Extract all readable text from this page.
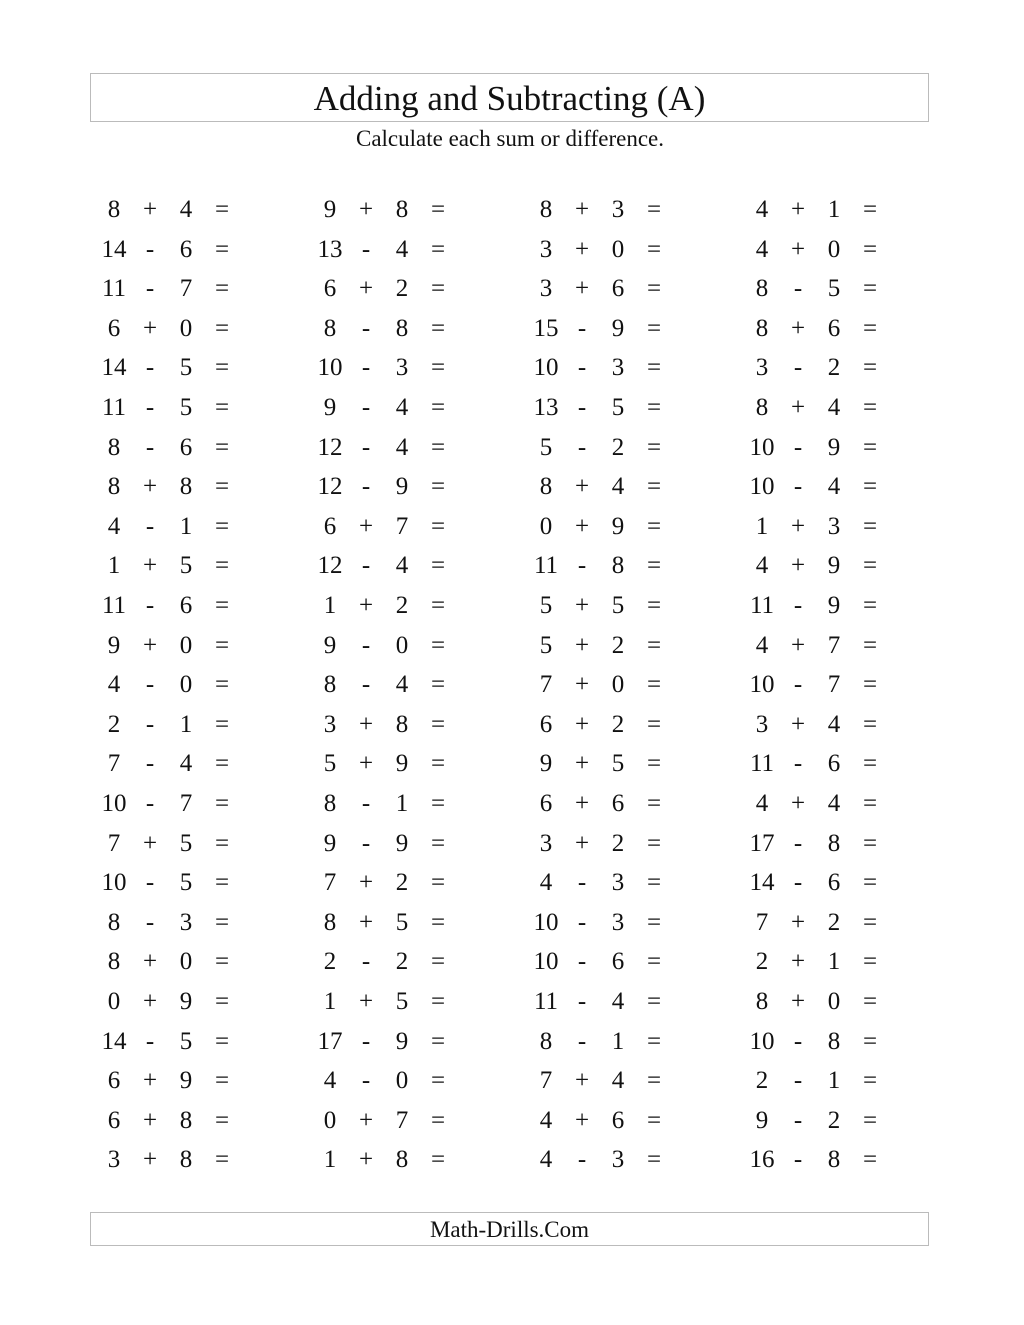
Adding and Subtracting (A)
Calculate each sum or difference.
8 + 4 =
14 -	6 =
11 -	7 =
6 + 0 =
14 -	5 =
11 -	5 =
8	-	6 =
8 + 8 =
4	-	1 =
1 + 5 =
11 -	6 =
9 + 0 =
4	-	0 =
2	-	1 =
7	-	4 =
10 -	7 =
7 + 5 =
10 -	5 =
8	-	3 =
8 + 0 =
0 + 9 =
14 -	5 =
6 + 9 =
6 + 8 =
3 + 8 =
9 + 8 =
13 -	4 =
6 + 2 =
8	-	8 =
10 -	3 =
9	-	4 =
12 -	4 =
12 -	9 =
6 + 7 =
12 -	4 =
1 + 2 =
9	-	0 =
8	-	4 =
3 + 8 =
5 + 9 =
8	-	1 =
9	-	9 =
7 + 2 =
8 + 5 =
2	-	2 =
1 + 5 =
17 -	9 =
4	-	0 =
0 + 7 =
1 + 8 =
8 + 3 =
3 + 0 =
3 + 6 =
15 -	9 =
10 -	3 =
13 -	5 =
5	-	2 =
8 + 4 =
0 + 9 =
11 -	8 =
5 + 5 =
5 + 2 =
7 + 0 =
6 + 2 =
9 + 5 =
6 + 6 =
3 + 2 =
4	-	3 =
10 -	3 =
10 -	6 =
11 -	4 =
8	-	1 =
7 + 4 =
4 + 6 =
4	-	3 =
4 + 1 =
4 + 0 =
8	-	5 =
8 + 6 =
3	-	2 =
8 + 4 =
10 -	9 =
10 -	4 =
1 + 3 =
4 + 9 =
11 -	9 =
4 + 7 =
10 -	7 =
3 + 4 =
11 -	6 =
4 + 4 =
17 -	8 =
14 -	6 =
7 + 2 =
2 + 1 =
8 + 0 =
10 -	8 =
2	-	1 =
9	-	2 =
16 -	8 =
Math-Drills.Com
